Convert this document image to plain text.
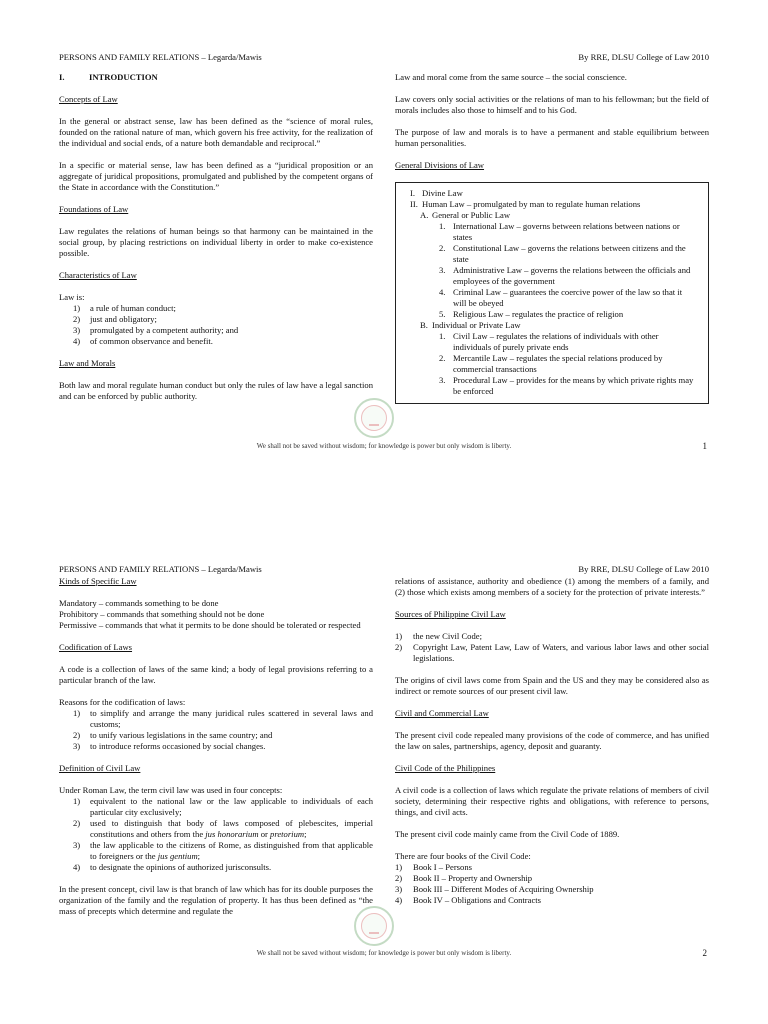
PERSONS AND FAMILY RELATIONS – Legarda/Mawis	By RRE, DLSU College of Law 2010
I.	INTRODUCTION
Concepts of Law

In the general or abstract sense, law has been defined as the “science of moral rules, founded on the rational nature of man, which govern his free activity, for the realization of the individual and social ends, of a nature both demandable and reciprocal.”

In a specific or material sense, law has been defined as a “juridical proposition or an aggregate of juridical propositions, promulgated and published by the competent organs of the State in accordance with the Constitution.”

Foundations of Law

Law regulates the relations of human beings so that harmony can be maintained in the social group, by placing restrictions on individual liberty in order to make co-existence possible.

Characteristics of Law
Law is:
1) a rule of human conduct;
2) just and obligatory;
3) promulgated by a competent authority; and
4) of common observance and benefit.
Law and Morals

Both law and moral regulate human conduct but only the rules of law have a legal sanction and can be enforced by public authority.

Law and moral come from the same source – the social conscience.

Law covers only social activities or the relations of man to his fellowman; but the field of morals includes also those to himself and to his God.

The purpose of law and morals is to have a permanent and stable equilibrium between human personalities.

General Divisions of Law
I. Divine Law
II. Human Law – promulgated by man to regulate human relations
A. General or Public Law
1. International Law – governs between relations between nations or states
2. Constitutional Law – governs the relations between citizens and the state
3. Administrative Law – governs the relations between the officials and employees of the government
4. Criminal Law – guarantees the coercive power of the law so that it will be obeyed
5. Religious Law – regulates the practice of religion
B. Individual or Private Law
1. Civil Law – regulates the relations of individuals with other individuals of purely private ends
2. Mercantile Law – regulates the special relations produced by commercial transactions
3. Procedural Law – provides for the means by which private rights may be enforced
We shall not be saved without wisdom; for knowledge is power but only wisdom is liberty.	1
PERSONS AND FAMILY RELATIONS – Legarda/Mawis	By RRE, DLSU College of Law 2010
Kinds of Specific Law
Mandatory – commands something to be done
Prohibitory – commands that something should not be done

Permissive – commands that what it permits to be done should be tolerated or respected

Codification of Laws

A code is a collection of laws of the same kind; a body of legal provisions referring to a particular branch of the law.

Reasons for the codification of laws:
1) to simplify and arrange the many juridical rules scattered in several laws and customs;
2) to unify various legislations in the same country; and
3) to introduce reforms occasioned by social changes.
Definition of Civil Law
Under Roman Law, the term civil law was used in four concepts:
1) equivalent to the national law or the law applicable to individuals of each particular city exclusively;
2) used to distinguish that body of laws composed of plebescites, imperial constitutions and others from the jus honorarium or pretorium;
3) the law applicable to the citizens of Rome, as distinguished from that applicable to foreigners or the jus gentium;
4) to designate the opinions of authorized jurisconsults.

In the present concept, civil law is that branch of law which has for its double purposes the organization of the family and the regulation of property. It has thus been defined as “the mass of precepts which determine and regulate the

relations of assistance, authority and obedience (1) among the members of a family, and (2) those which exists among members of a society for the protection of private interests.”

Sources of Philippine Civil Law
1) the new Civil Code;
2) Copyright Law, Patent Law, Law of Waters, and various labor laws and other social legislations.

The origins of civil laws come from Spain and the US and they may be considered also as indirect or remote sources of our present civil law.

Civil and Commercial Law

The present civil code repealed many provisions of the code of commerce, and has unified the law on sales, partnerships, agency, deposit and guaranty.

Civil Code of the Philippines

A civil code is a collection of laws which regulate the private relations of members of civil society, determining their respective rights and obligations, with reference to persons, things, and civil acts.

The present civil code mainly came from the Civil Code of 1889.

There are four books of the Civil Code:
1) Book I – Persons
2) Book II – Property and Ownership
3) Book III – Different Modes of Acquiring Ownership
4) Book IV – Obligations and Contracts
We shall not be saved without wisdom; for knowledge is power but only wisdom is liberty.	2
